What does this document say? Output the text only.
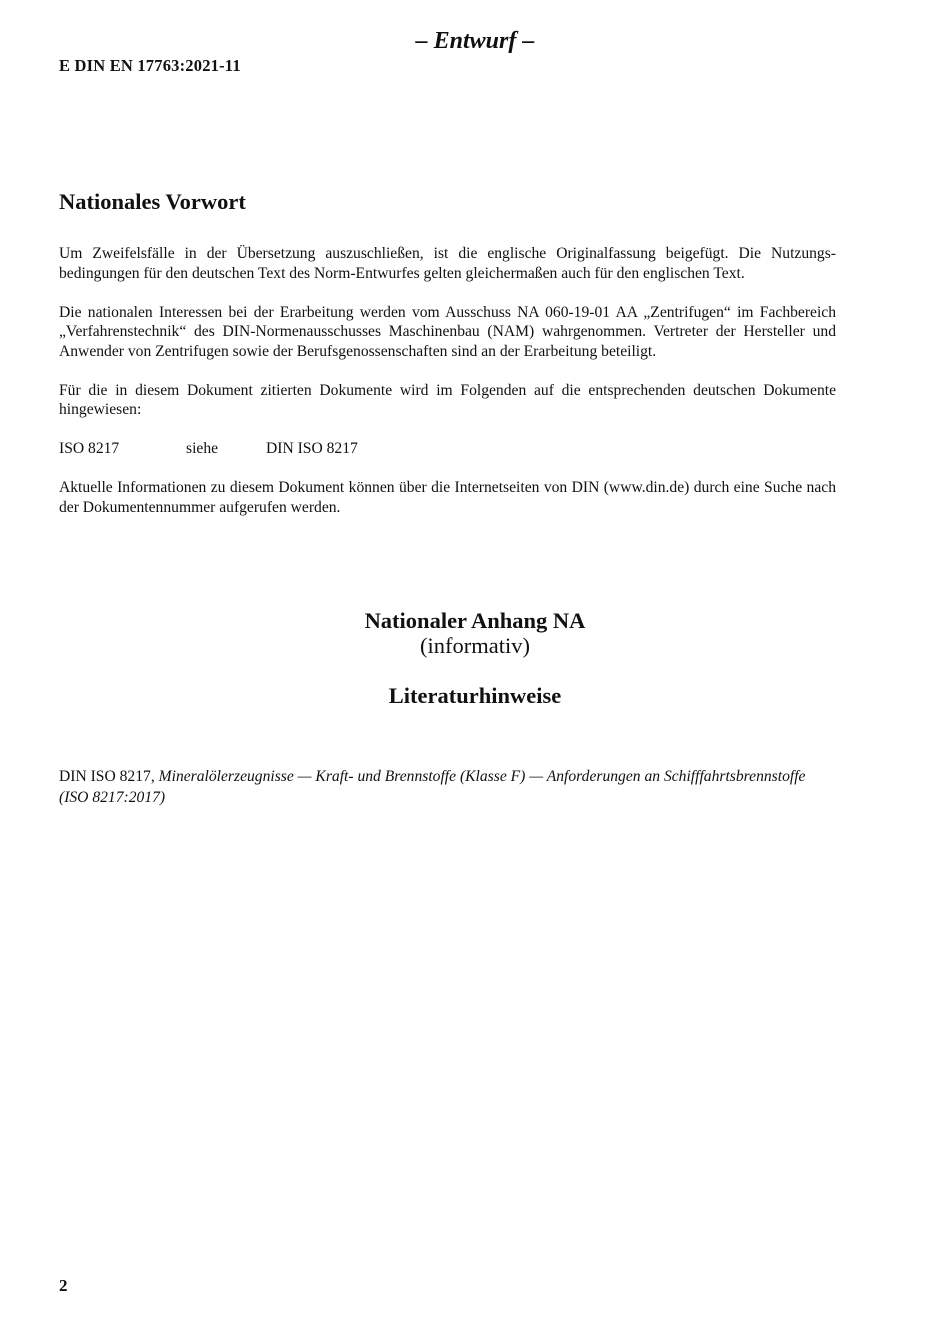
– Entwurf –
E DIN EN 17763:2021-11
Nationales Vorwort

Um Zweifelsfälle in der Übersetzung auszuschließen, ist die englische Originalfassung beigefügt. Die Nutzungsbedingungen für den deutschen Text des Norm-Entwurfes gelten gleichermaßen auch für den englischen Text.

Die nationalen Interessen bei der Erarbeitung werden vom Ausschuss NA 060-19-01 AA „Zentrifugen“ im Fachbereich „Verfahrenstechnik“ des DIN-Normenausschusses Maschinenbau (NAM) wahrgenommen. Vertreter der Hersteller und Anwender von Zentrifugen sowie der Berufsgenossenschaften sind an der Erarbeitung beteiligt.

Für die in diesem Dokument zitierten Dokumente wird im Folgenden auf die entsprechenden deutschen Dokumente hingewiesen:

ISO 8217	siehe	DIN ISO 8217

Aktuelle Informationen zu diesem Dokument können über die Internetseiten von DIN (www.din.de) durch eine Suche nach der Dokumentennummer aufgerufen werden.

Nationaler Anhang NA
(informativ)
Literaturhinweise
DIN ISO 8217, Mineralölerzeugnisse — Kraft- und Brennstoffe (Klasse F) — Anforderungen an Schifffahrtsbrennstoffe (ISO 8217:2017)
2
